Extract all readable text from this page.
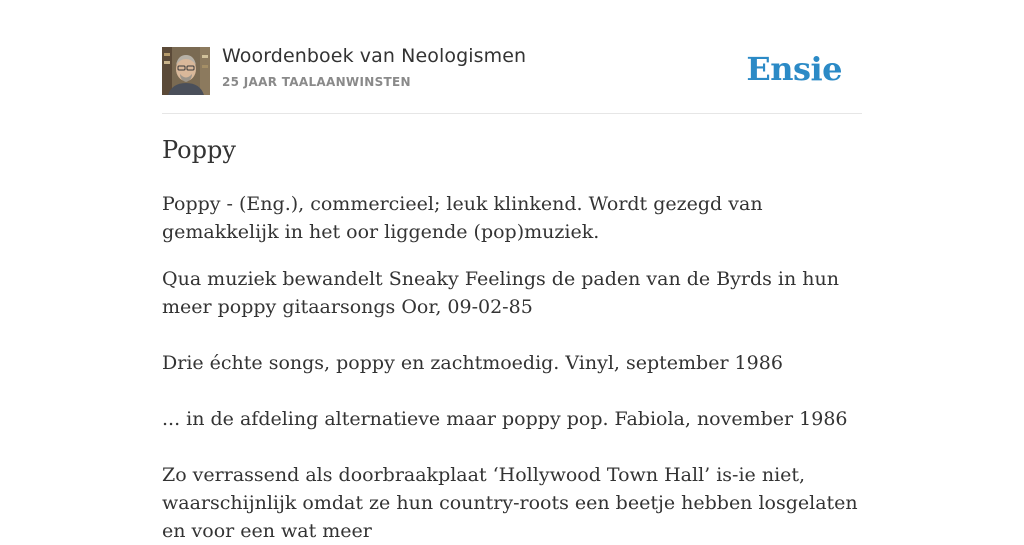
Woordenboek van Neologismen
25 JAAR TAALAANWINSTEN	Ensie
Poppy

Poppy - (Eng.), commercieel; leuk klinkend. Wordt gezegd van gemakkelijk in het oor liggende (pop)muziek.

Qua muziek bewandelt Sneaky Feelings de paden van de Byrds in hun meer poppy gitaarsongs Oor, 09-02-85

Drie échte songs, poppy en zachtmoedig. Vinyl, september 1986

... in de afdeling alternatieve maar poppy pop. Fabiola, november 1986

Zo verrassend als doorbraakplaat ‘Hollywood Town Hall’ is-ie niet, waarschijnlijk omdat ze hun country-roots een beetje hebben losgelaten en voor een wat meer
